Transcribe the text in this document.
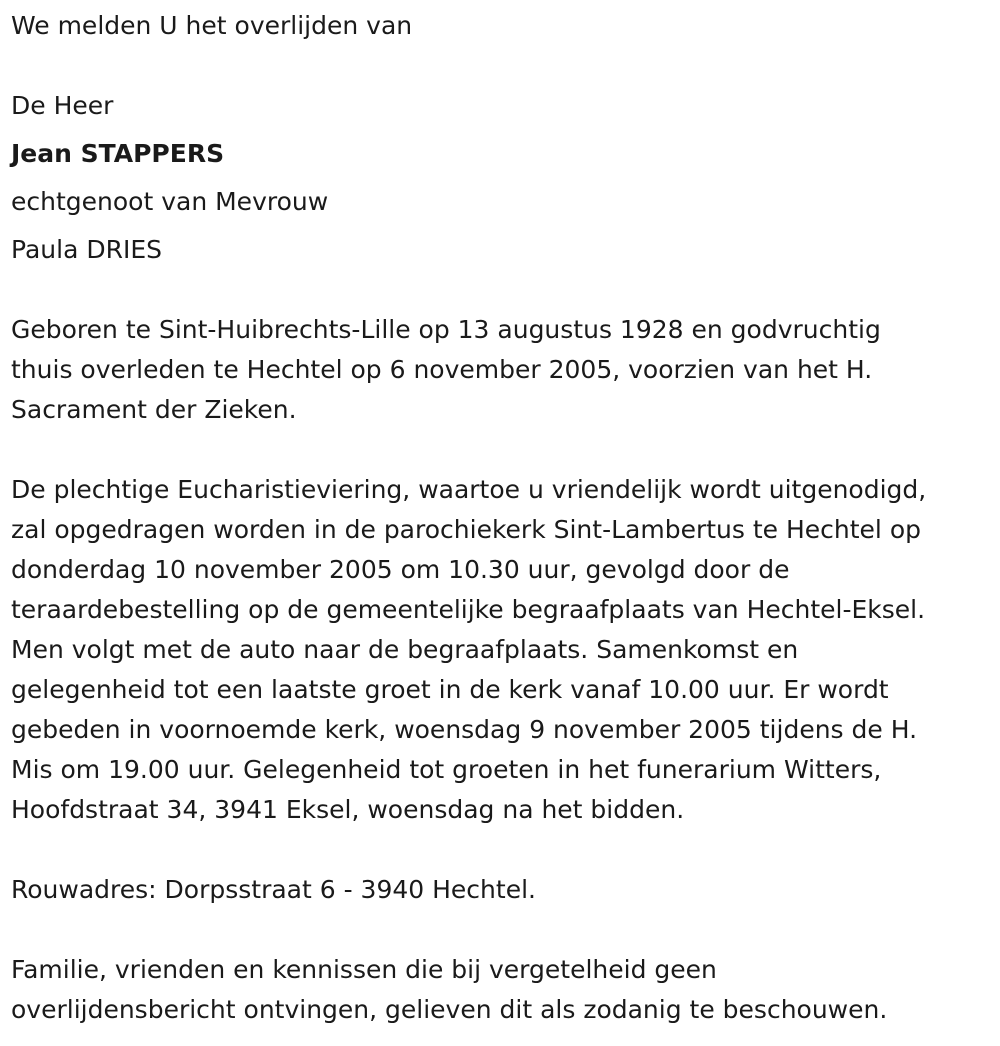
We melden U het overlijden van
De Heer
Jean STAPPERS
echtgenoot van Mevrouw
Paula DRIES
Geboren te Sint-Huibrechts-Lille op 13 augustus 1928 en godvruchtig
thuis overleden te Hechtel op 6 november 2005, voorzien van het H.
Sacrament der Zieken.
De plechtige Eucharistieviering, waartoe u vriendelijk wordt uitgenodigd,
zal opgedragen worden in de parochiekerk Sint-Lambertus te Hechtel op
donderdag 10 november 2005 om 10.30 uur, gevolgd door de
teraardebestelling op de gemeentelijke begraafplaats van Hechtel-Eksel.
Men volgt met de auto naar de begraafplaats. Samenkomst en
gelegenheid tot een laatste groet in de kerk vanaf 10.00 uur. Er wordt
gebeden in voornoemde kerk, woensdag 9 november 2005 tijdens de H.
Mis om 19.00 uur. Gelegenheid tot groeten in het funerarium Witters,
Hoofdstraat 34, 3941 Eksel, woensdag na het bidden.
Rouwadres: Dorpsstraat 6 - 3940 Hechtel.
Familie, vrienden en kennissen die bij vergetelheid geen
overlijdensbericht ontvingen, gelieven dit als zodanig te beschouwen.
